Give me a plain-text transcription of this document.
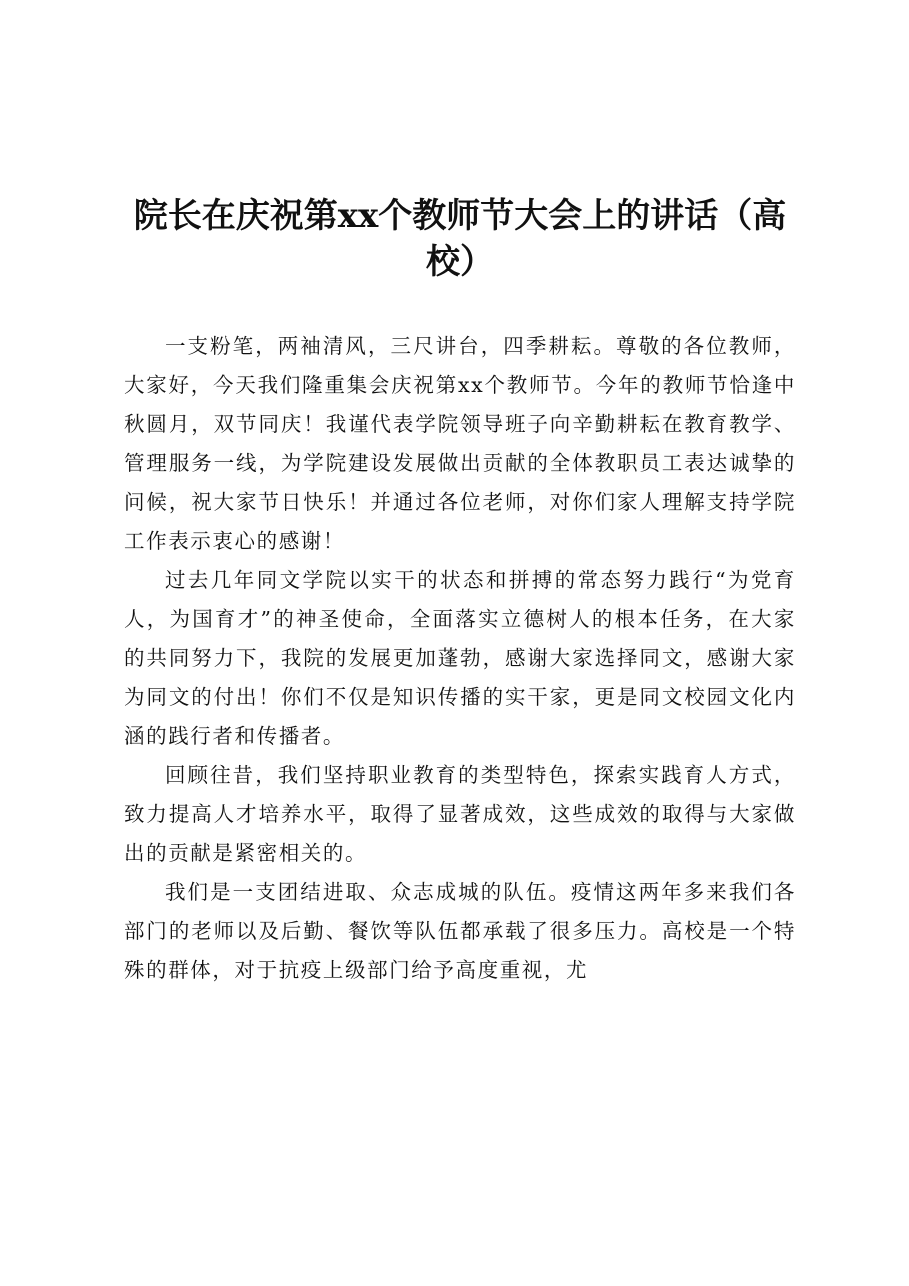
院长在庆祝第xx个教师节大会上的讲话（高校）

一支粉笔，两袖清风，三尺讲台，四季耕耘。尊敬的各位教师，大家好，今天我们隆重集会庆祝第xx个教师节。今年的教师节恰逢中秋圆月，双节同庆！我谨代表学院领导班子向辛勤耕耘在教育教学、管理服务一线，为学院建设发展做出贡献的全体教职员工表达诚挚的问候，祝大家节日快乐！并通过各位老师，对你们家人理解支持学院工作表示衷心的感谢！

过去几年同文学院以实干的状态和拼搏的常态努力践行“为党育人，为国育才”的神圣使命，全面落实立德树人的根本任务，在大家的共同努力下，我院的发展更加蓬勃，感谢大家选择同文，感谢大家为同文的付出！你们不仅是知识传播的实干家，更是同文校园文化内涵的践行者和传播者。

回顾往昔，我们坚持职业教育的类型特色，探索实践育人方式，致力提高人才培养水平，取得了显著成效，这些成效的取得与大家做出的贡献是紧密相关的。

我们是一支团结进取、众志成城的队伍。疫情这两年多来我们各部门的老师以及后勤、餐饮等队伍都承载了很多压力。高校是一个特殊的群体，对于抗疫上级部门给予高度重视，尤
